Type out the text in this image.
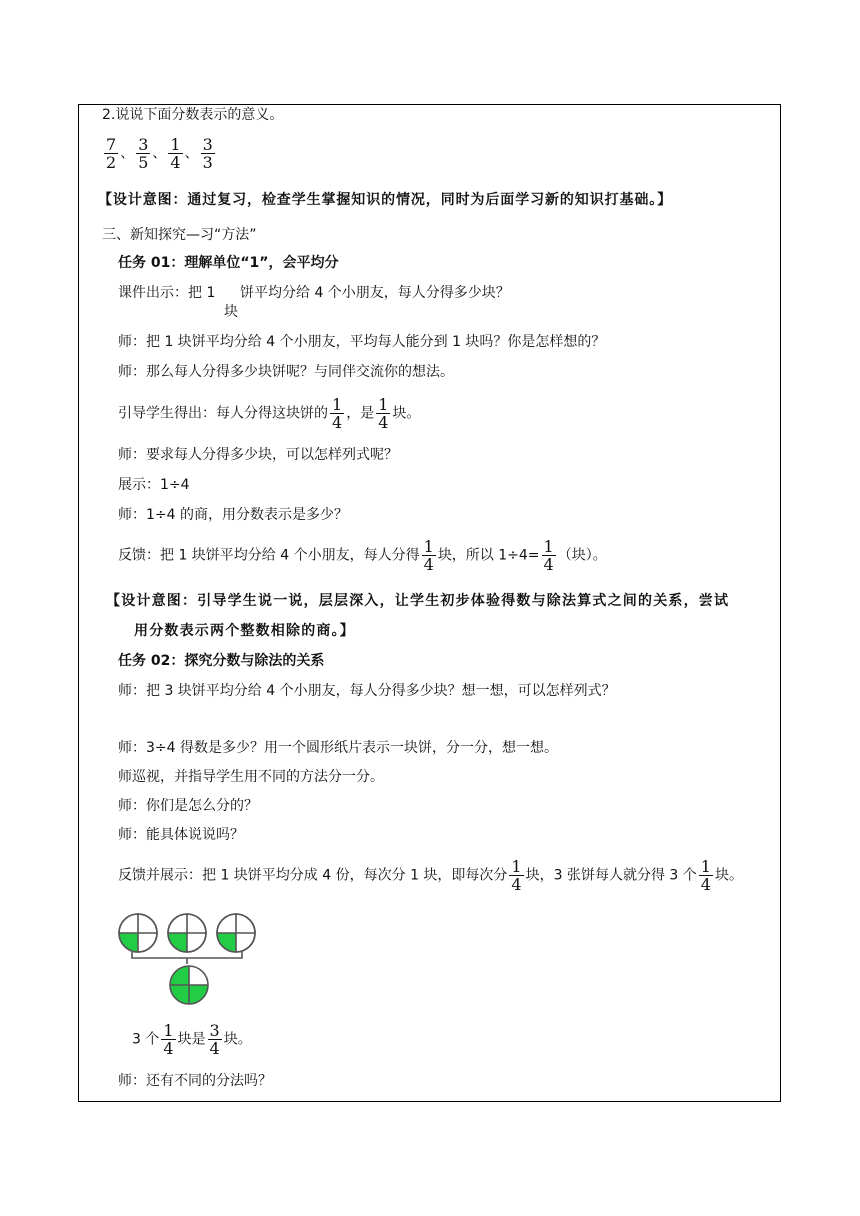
2.说说下面分数表示的意义。
$\frac{7}{2}$ 、 $\frac{3}{5}$ 、 $\frac{1}{4}$ 、 $\frac{3}{3}$
【设计意图：通过复习，检查学生掌握知识的情况，同时为后面学习新的知识打基础。】
三、新知探究—习“方法”
任务 01：理解单位“1”，会平均分
课件出示：把 1 饼平均分给 4 个小朋友，每人分得多少块？
块
师：把 1 块饼平均分给 4 个小朋友，平均每人能分到 1 块吗？你是怎样想的？
师：那么每人分得多少块饼呢？与同伴交流你的想法。
引导学生得出：每人分得这块饼的 $\frac{1}{4}$ ，是 $\frac{1}{4}$ 块。
师：要求每人分得多少块，可以怎样列式呢？
展示：1÷4
师：1÷4 的商，用分数表示是多少？
反馈：把 1 块饼平均分给 4 个小朋友，每人分得 $\frac{1}{4}$ 块，所以 $1\div 4= \frac{1}{4}$ （块）。
【设计意图：引导学生说一说，层层深入，让学生初步体验得数与除法算式之间的关系，尝试
用分数表示两个整数相除的商。】
任务 02：探究分数与除法的关系
师：把 3 块饼平均分给 4 个小朋友，每人分得多少块？想一想，可以怎样列式？
师：3÷4 得数是多少？用一个圆形纸片表示一块饼，分一分，想一想。
师巡视，并指导学生用不同的方法分一分。
师：你们是怎么分的？
师：能具体说说吗？
反馈并展示：把 1 块饼平均分成 4 份，每次分 1 块，即每次分 $\frac{1}{4}$ 块，3 张饼每人就分得 3 个 $\frac{1}{4}$ 块。
3 个 $\frac{1}{4}$ 块是 $\frac{3}{4}$ 块。
师：还有不同的分法吗？
